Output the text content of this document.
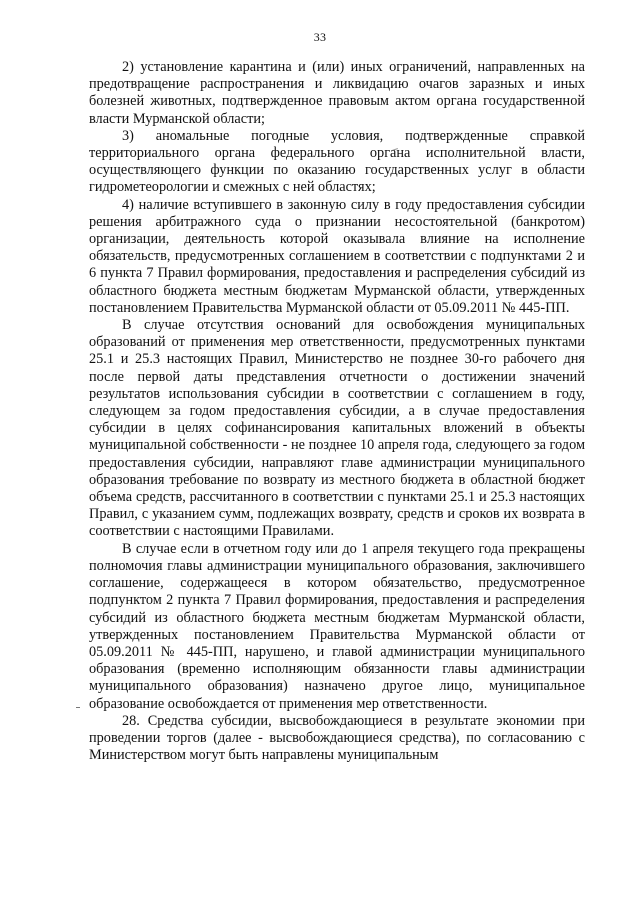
33

2) установление карантина и (или) иных ограничений, направленных на предотвращение распространения и ликвидацию очагов заразных и иных болезней животных, подтвержденное правовым актом органа государственной власти Мурманской области;

3) аномальные погодные условия, подтвержденные справкой территориального органа федерального органа исполнительной власти, осуществляющего функции по оказанию государственных услуг в области гидрометеорологии и смежных с ней областях;

4) наличие вступившего в законную силу в году предоставления субсидии решения арбитражного суда о признании несостоятельной (банкротом) организации, деятельность которой оказывала влияние на исполнение обязательств, предусмотренных соглашением в соответствии с подпунктами 2 и 6 пункта 7 Правил формирования, предоставления и распределения субсидий из областного бюджета местным бюджетам Мурманской области, утвержденных постановлением Правительства Мурманской области от 05.09.2011 № 445-ПП.

В случае отсутствия оснований для освобождения муниципальных образований от применения мер ответственности, предусмотренных пунктами 25.1 и 25.3 настоящих Правил, Министерство не позднее 30-го рабочего дня после первой даты представления отчетности о достижении значений результатов использования субсидии в соответствии с соглашением в году, следующем за годом предоставления субсидии, а в случае предоставления субсидии в целях софинансирования капитальных вложений в объекты муниципальной собственности - не позднее 10 апреля года, следующего за годом предоставления субсидии, направляют главе администрации муниципального образования требование по возврату из местного бюджета в областной бюджет объема средств, рассчитанного в соответствии с пунктами 25.1 и 25.3 настоящих Правил, с указанием сумм, подлежащих возврату, средств и сроков их возврата в соответствии с настоящими Правилами.

В случае если в отчетном году или до 1 апреля текущего года прекращены полномочия главы администрации муниципального образования, заключившего соглашение, содержащееся в котором обязательство, предусмотренное подпунктом 2 пункта 7 Правил формирования, предоставления и распределения субсидий из областного бюджета местным бюджетам Мурманской области, утвержденных постановлением Правительства Мурманской области от 05.09.2011 № 445-ПП, нарушено, и главой администрации муниципального образования (временно исполняющим обязанности главы администрации муниципального образования) назначено другое лицо, муниципальное образование освобождается от применения мер ответственности.

28. Средства субсидии, высвобождающиеся в результате экономии при проведении торгов (далее - высвобождающиеся средства), по согласованию с Министерством могут быть направлены муниципальным
